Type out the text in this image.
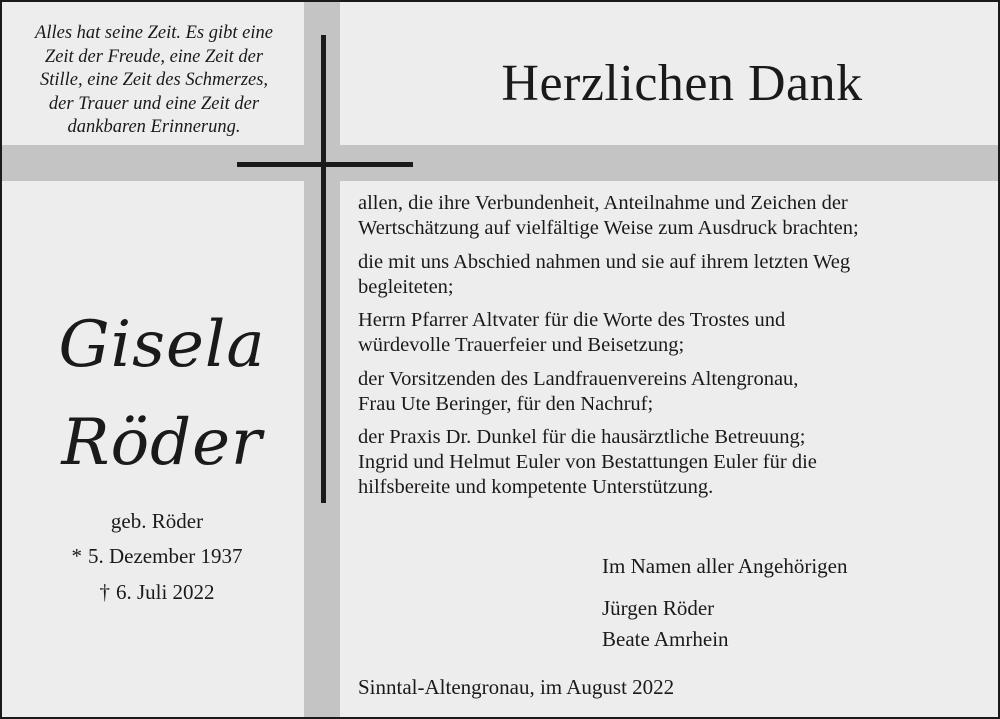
Alles hat seine Zeit. Es gibt eine
Zeit der Freude, eine Zeit der
Stille, eine Zeit des Schmerzes,
der Trauer und eine Zeit der
dankbaren Erinnerung.
Herzlichen Dank
Gisela
Röder
geb. Röder
* 5. Dezember 1937
† 6. Juli 2022
allen, die ihre Verbundenheit, Anteilnahme und Zeichen der
Wertschätzung auf vielfältige Weise zum Ausdruck brachten;
die mit uns Abschied nahmen und sie auf ihrem letzten Weg
begleiteten;
Herrn Pfarrer Altvater für die Worte des Trostes und
würdevolle Trauerfeier und Beisetzung;
der Vorsitzenden des Landfrauenvereins Altengronau,
Frau Ute Beringer, für den Nachruf;
der Praxis Dr. Dunkel für die hausärztliche Betreuung;
Ingrid und Helmut Euler von Bestattungen Euler für die
hilfsbereite und kompetente Unterstützung.
Im Namen aller Angehörigen
Jürgen Röder
Beate Amrhein
Sinntal-Altengronau, im August 2022
